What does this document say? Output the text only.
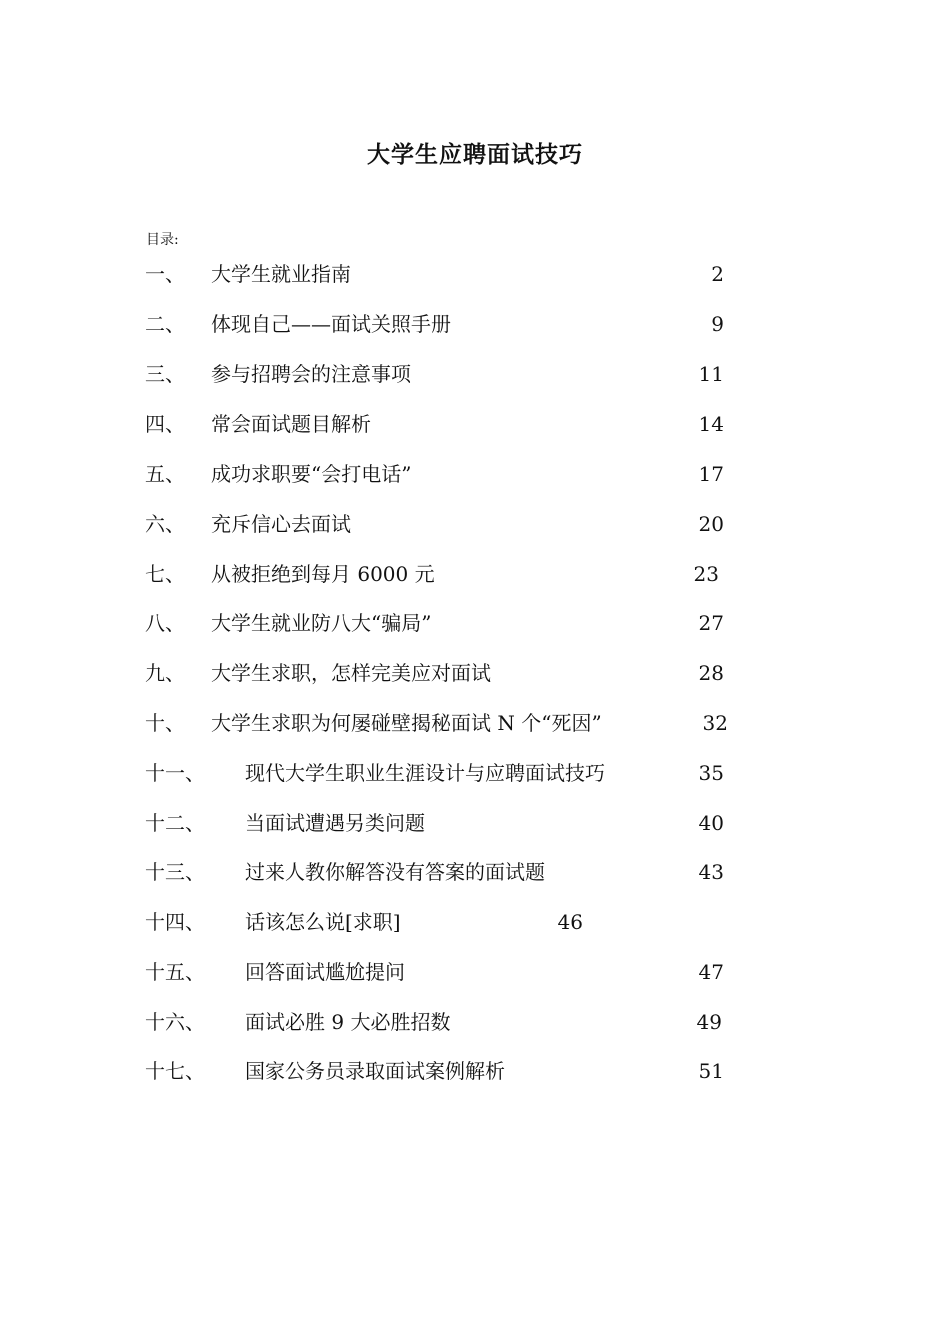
大学生应聘面试技巧
目录:
一、 大学生就业指南	2
二、 体现自己——面试关照手册	9
三、 参与招聘会的注意事项	11
四、 常会面试题目解析	14
五、 成功求职要“会打电话”	17
六、 充斥信心去面试	20
七、 从被拒绝到每月 6000 元	23
八、 大学生就业防八大“骗局”	27
九、 大学生求职，怎样完美应对面试	28
十、 大学生求职为何屡碰壁揭秘面试 N 个“死因”	32
十一、 现代大学生职业生涯设计与应聘面试技巧	35
十二、 当面试遭遇另类问题	40
十三、 过来人教你解答没有答案的面试题	43
十四、 话该怎么说[求职]	46
十五、 回答面试尴尬提问	47
十六、 面试必胜 9 大必胜招数	49
十七、 国家公务员录取面试案例解析	51
